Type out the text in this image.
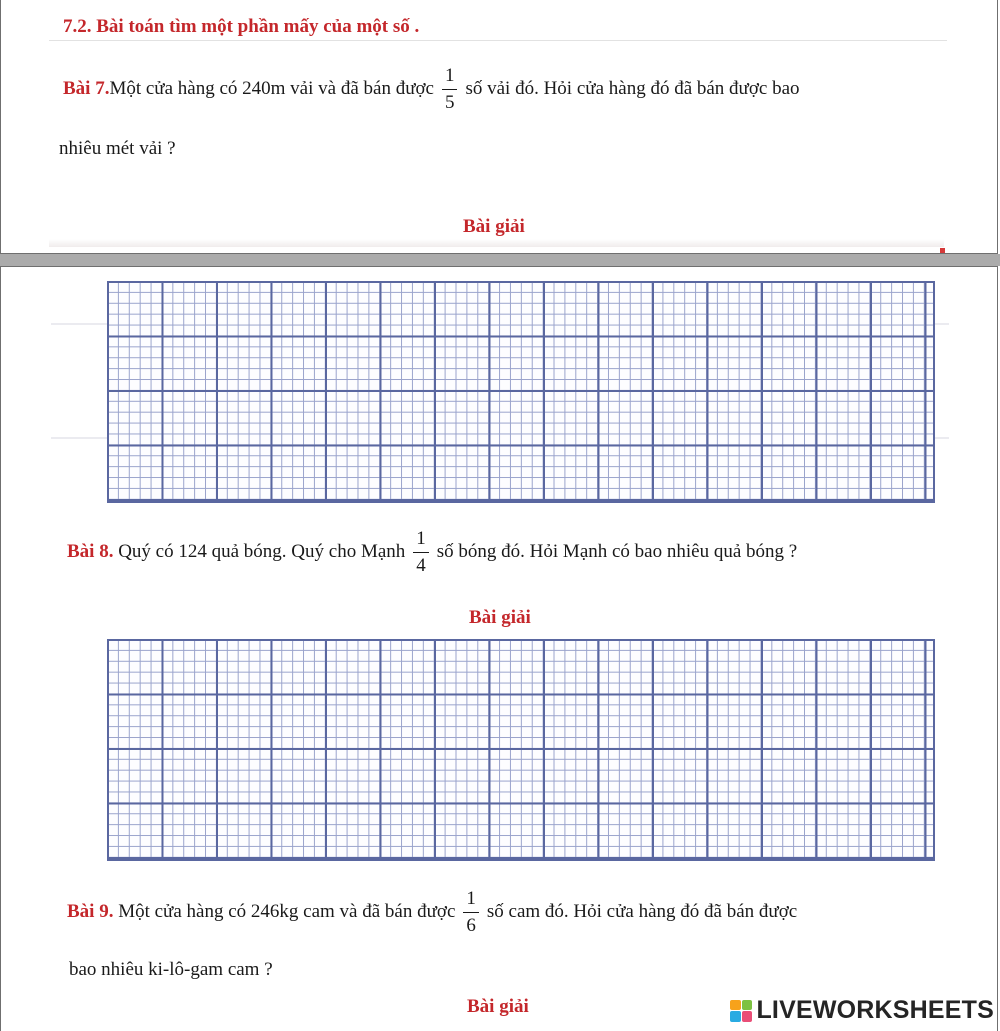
7.2. Bài toán tìm một phần mấy của một số .
Bài 7.Một cửa hàng có 240m vải và đã bán được $\frac{1}{5}$ số vải đó. Hỏi cửa hàng đó đã bán được bao
nhiêu mét vải ?
Bài giải
Bài 8. Quý có 124 quả bóng. Quý cho Mạnh $\frac{1}{4}$ số bóng đó. Hỏi Mạnh có bao nhiêu quả bóng ?
Bài giải
Bài 9. Một cửa hàng có 246kg cam và đã bán được $\frac{1}{6}$ số cam đó. Hỏi cửa hàng đó đã bán được
bao nhiêu ki-lô-gam cam ?
Bài giải	LIVEWORKSHEETS
